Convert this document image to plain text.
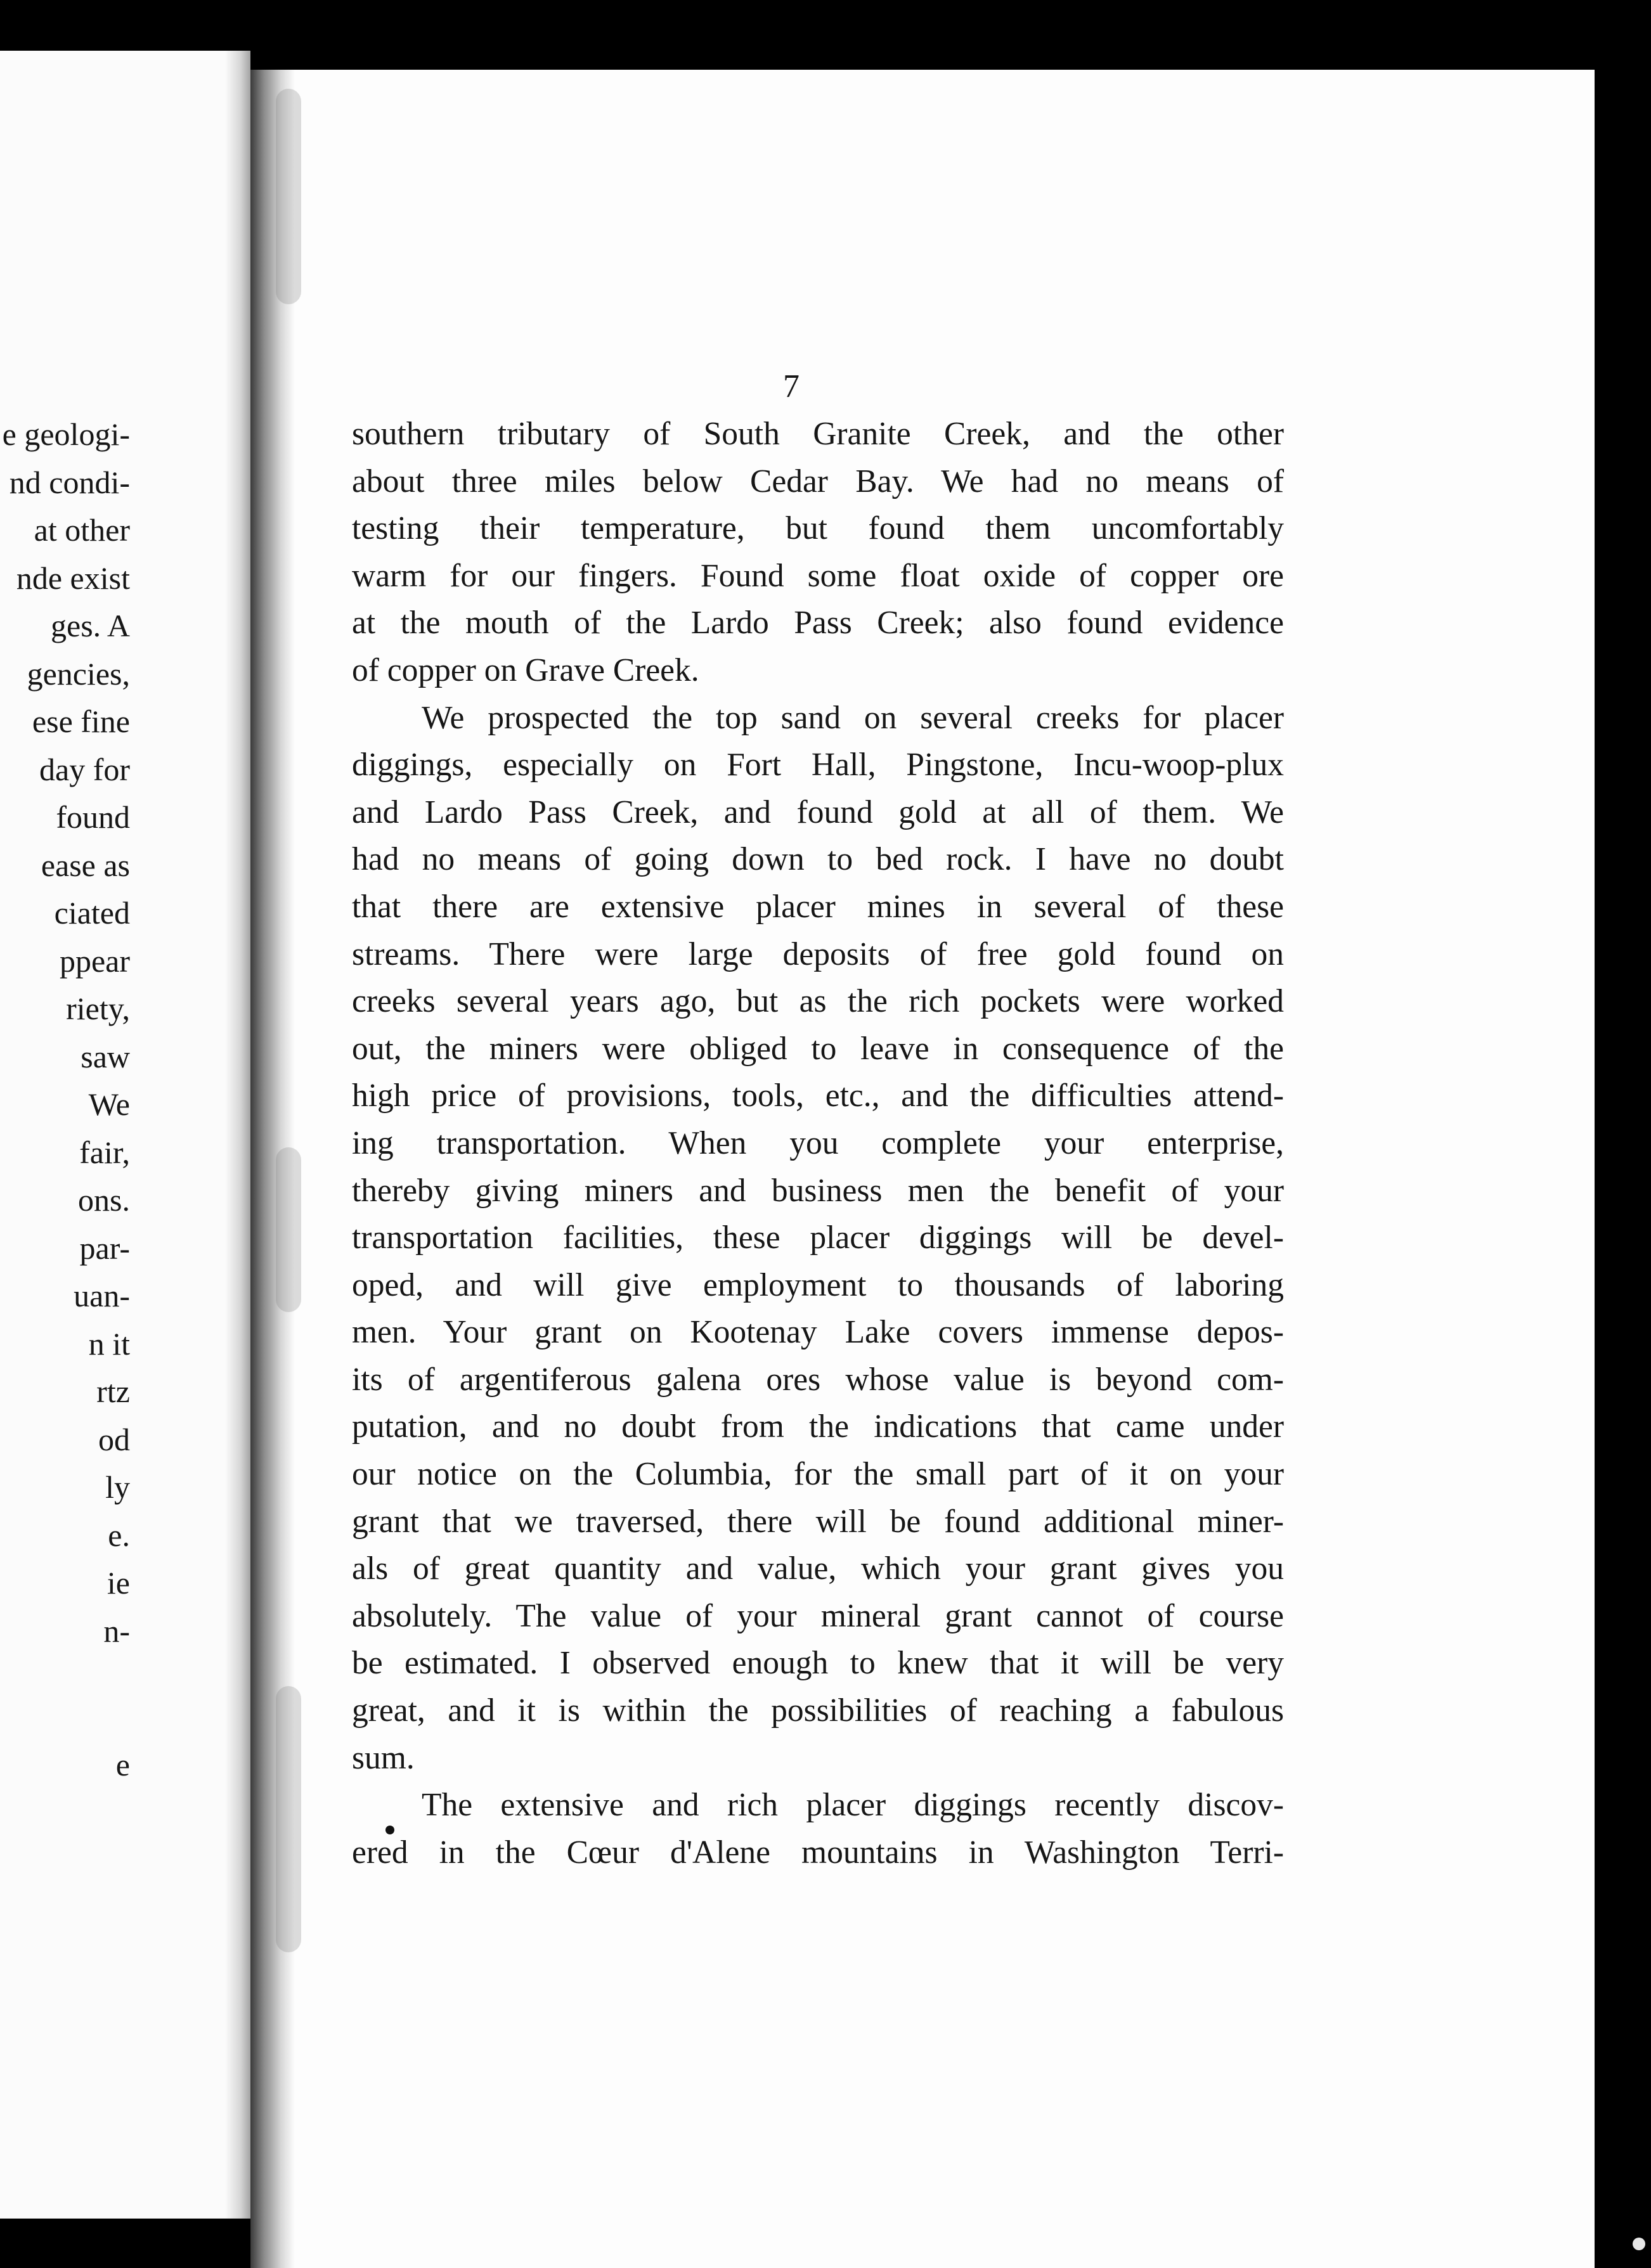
e geologi-
nd condi-
at other
nde exist
ges. A
gencies,
ese fine
day for
found
ease as
ciated
ppear
riety,
saw
We
fair,
ons.
par-
uan-
n it
rtz
od
ly
e.
ie
n-
e
7
southern tributary of South Granite Creek, and the other
about three miles below Cedar Bay. We had no means of
testing their temperature, but found them uncomfortably
warm for our fingers. Found some float oxide of copper ore
at the mouth of the Lardo Pass Creek; also found evidence
of copper on Grave Creek.
We prospected the top sand on several creeks for placer
diggings, especially on Fort Hall, Pingstone, Incu-woop-plux
and Lardo Pass Creek, and found gold at all of them. We
had no means of going down to bed rock. I have no doubt
that there are extensive placer mines in several of these
streams. There were large deposits of free gold found on
creeks several years ago, but as the rich pockets were worked
out, the miners were obliged to leave in consequence of the
high price of provisions, tools, etc., and the difficulties attend-
ing transportation. When you complete your enterprise,
thereby giving miners and business men the benefit of your
transportation facilities, these placer diggings will be devel-
oped, and will give employment to thousands of laboring
men. Your grant on Kootenay Lake covers immense depos-
its of argentiferous galena ores whose value is beyond com-
putation, and no doubt from the indications that came under
our notice on the Columbia, for the small part of it on your
grant that we traversed, there will be found additional miner-
als of great quantity and value, which your grant gives you
absolutely. The value of your mineral grant cannot of course
be estimated. I observed enough to knew that it will be very
great, and it is within the possibilities of reaching a fabulous
sum.
The extensive and rich placer diggings recently discov-
ered in the Cœur d'Alene mountains in Washington Terri-
